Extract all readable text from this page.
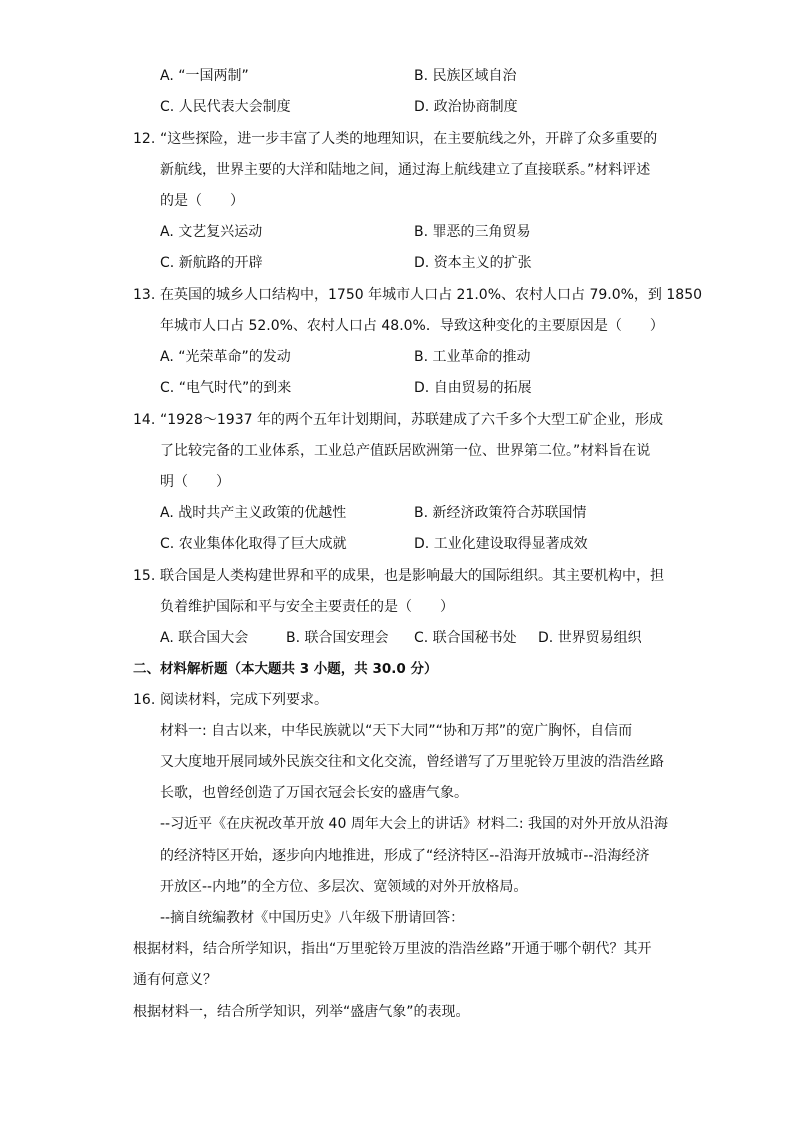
A. “一国两制”	B. 民族区域自治
C. 人民代表大会制度	D. 政治协商制度
12. “这些探险，进一步丰富了人类的地理知识，在主要航线之外，开辟了众多重要的
新航线，世界主要的大洋和陆地之间，通过海上航线建立了直接联系。”材料评述
的是（　　）
A. 文艺复兴运动	B. 罪恶的三角贸易
C. 新航路的开辟	D. 资本主义的扩张
13. 在英国的城乡人口结构中，1750 年城市人口占 21.0%、农村人口占 79.0%，到 1850
年城市人口占 52.0%、农村人口占 48.0%．导致这种变化的主要原因是（　　）
A. “光荣革命”的发动	B. 工业革命的推动
C. “电气时代”的到来	D. 自由贸易的拓展
14. “1928～1937 年的两个五年计划期间，苏联建成了六千多个大型工矿企业，形成
了比较完备的工业体系，工业总产值跃居欧洲第一位、世界第二位。”材料旨在说
明（　　）
A. 战时共产主义政策的优越性	B. 新经济政策符合苏联国情
C. 农业集体化取得了巨大成就	D. 工业化建设取得显著成效
15. 联合国是人类构建世界和平的成果，也是影响最大的国际组织。其主要机构中，担
负着维护国际和平与安全主要责任的是（　　）
A. 联合国大会	B. 联合国安理会 C. 联合国秘书处 D. 世界贸易组织
二、材料解析题（本大题共 3 小题，共 30.0 分）
16. 阅读材料，完成下列要求。
材料一: 自古以来，中华民族就以“天下大同”“协和万邦”的宽广胸怀，自信而
又大度地开展同域外民族交往和文化交流，曾经谱写了万里驼铃万里波的浩浩丝路
长歌，也曾经创造了万国衣冠会长安的盛唐气象。
--习近平《在庆祝改革开放 40 周年大会上的讲话》材料二: 我国的对外开放从沿海
的经济特区开始，逐步向内地推进，形成了“经济特区--沿海开放城市--沿海经济
开放区--内地”的全方位、多层次、宽领域的对外开放格局。
--摘自统编教材《中国历史》八年级下册请回答：
根据材料，结合所学知识，指出“万里驼铃万里波的浩浩丝路”开通于哪个朝代？其开
通有何意义？
根据材料一，结合所学知识，列举“盛唐气象”的表现。
